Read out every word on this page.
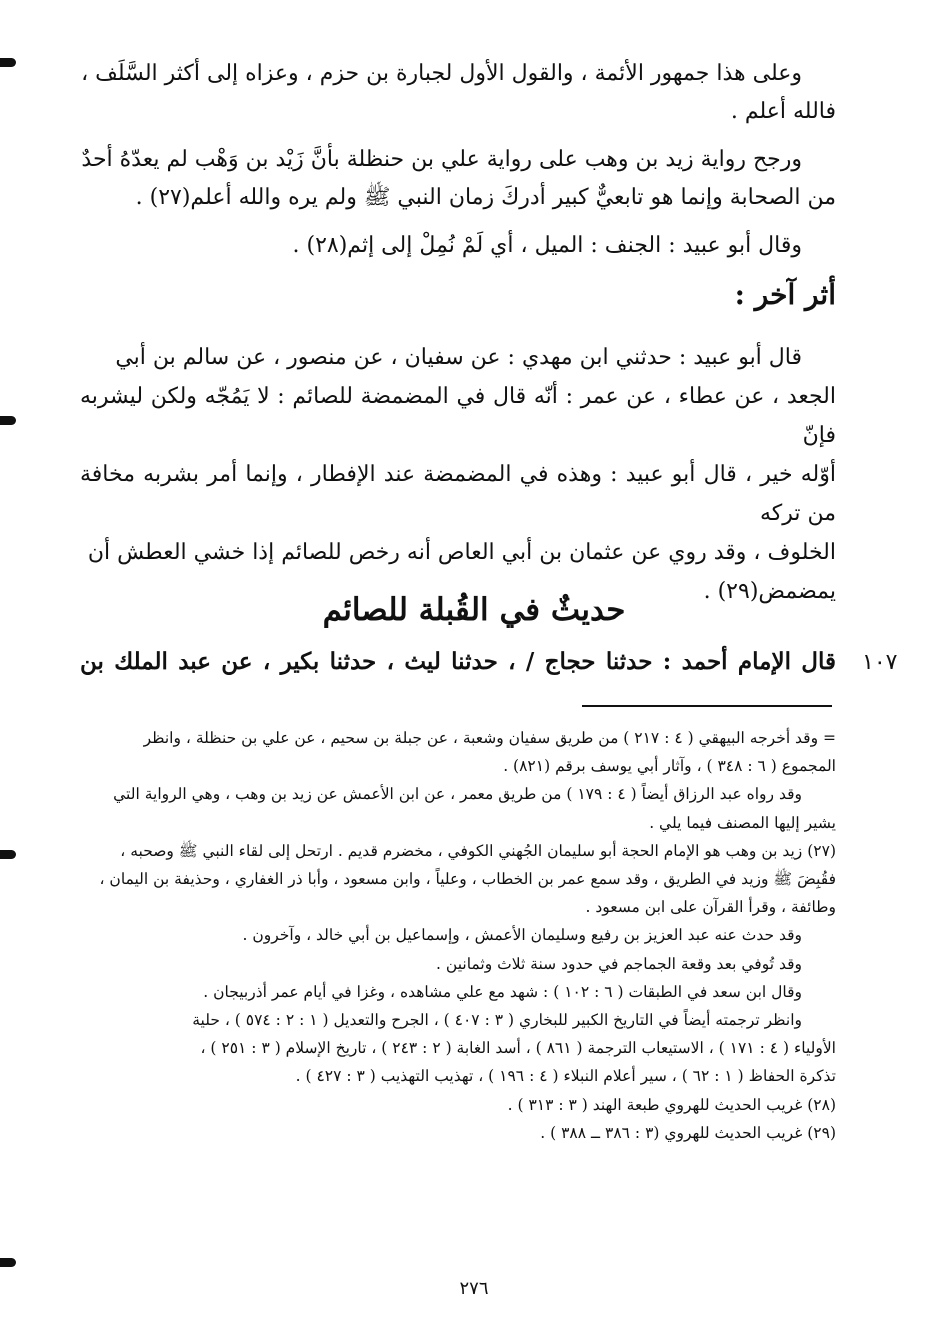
وعلى هذا جمهور الأئمة ، والقول الأول لجبارة بن حزم ، وعزاه إلى أكثر السَّلَف ،

فالله أعلم .

ورجح رواية زيد بن وهب على رواية علي بن حنظلة بأنَّ زَيْد بن وَهْب لم يعدّهُ أحدٌ

من الصحابة وإنما هو تابعيٌّ كبير أدركَ زمان النبي ﷺ ولم يره والله أعلم(٢٧) .

وقال أبو عبيد : الجنف : الميل ، أي لَمْ نُمِلْ إلى إثم(٢٨) .

أثر آخر :

قال أبو عبيد : حدثني ابن مهدي : عن سفيان ، عن منصور ، عن سالم بن أبي

الجعد ، عن عطاء ، عن عمر : أنّه قال في المضمضة للصائم : لا يَمُجّه ولكن ليشربه فإنّ

أوّله خير ، قال أبو عبيد : وهذه في المضمضة عند الإفطار ، وإنما أمر بشربه مخافة من تركه

الخلوف ، وقد روي عن عثمان بن أبي العاص أنه رخص للصائم إذا خشي العطش أن

يمضمض(٢٩) .

حديثٌ في القُبلة للصائم
١٠٧
قال الإمام أحمد : حدثنا حجاج / ، حدثنا ليث ، حدثنا بكير ، عن عبد الملك بن

= وقد أخرجه البيهقي ( ٤ : ٢١٧ ) من طريق سفيان وشعبة ، عن جبلة بن سحيم ، عن علي بن حنظلة ، وانظر

المجموع ( ٦ : ٣٤٨ ) ، وآثار أبي يوسف برقم (٨٢١) .

وقد رواه عبد الرزاق أيضاً ( ٤ : ١٧٩ ) من طريق معمر ، عن ابن الأعمش عن زيد بن وهب ، وهي الرواية التي

يشير إليها المصنف فيما يلي .

(٢٧) زيد بن وهب هو الإمام الحجة أبو سليمان الجُهني الكوفي ، مخضرم قديم . ارتحل إلى لقاء النبي ﷺ وصحبه ،

فقُبِضَ ﷺ وزيد في الطريق ، وقد سمع عمر بن الخطاب ، وعلياً ، وابن مسعود ، وأبا ذر الغفاري ، وحذيفة بن اليمان ،

وطائفة ، وقرأ القرآن على ابن مسعود .

وقد حدث عنه عبد العزيز بن رفيع وسليمان الأعمش ، وإسماعيل بن أبي خالد ، وآخرون .

وقد تُوفي بعد وقعة الجماجم في حدود سنة ثلاث وثمانين .

وقال ابن سعد في الطبقات ( ٦ : ١٠٢ ) : شهد مع علي مشاهده ، وغزا في أيام عمر أذربيجان .

وانظر ترجمته أيضاً في التاريخ الكبير للبخاري ( ٣ : ٤٠٧ ) ، الجرح والتعديل ( ١ : ٢ : ٥٧٤ ) ، حلية

الأولياء ( ٤ : ١٧١ ) ، الاستيعاب الترجمة ( ٨٦١ ) ، أسد الغابة ( ٢ : ٢٤٣ ) ، تاريخ الإسلام ( ٣ : ٢٥١ ) ،

تذكرة الحفاظ ( ١ : ٦٢ ) ، سير أعلام النبلاء ( ٤ : ١٩٦ ) ، تهذيب التهذيب ( ٣ : ٤٢٧ ) .

(٢٨) غريب الحديث للهروي طبعة الهند ( ٣ : ٣١٣ ) .

(٢٩) غريب الحديث للهروي (٣ : ٣٨٦ ــ ٣٨٨ ) .

٢٧٦
